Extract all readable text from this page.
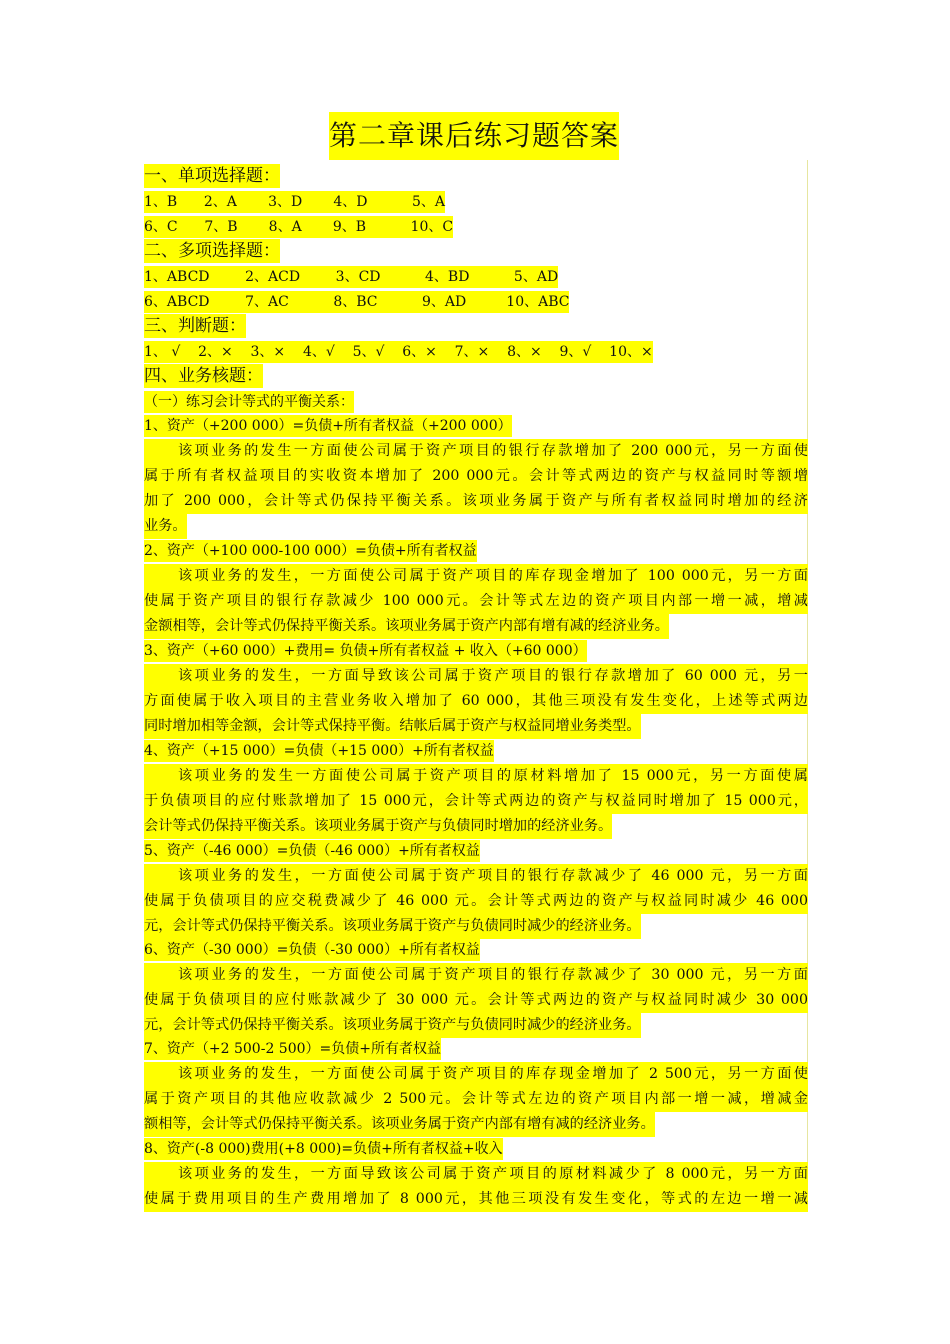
第二章课后练习题答案
一、单项选择题：
1、B      2、A       3、D       4、D          5、A
6、C      7、B       8、A       9、B          10、C
二、多项选择题：
1、ABCD        2、ACD        3、CD          4、BD          5、AD
6、ABCD        7、AC          8、BC          9、AD         10、ABC
三、判断题：
1、 √    2、×    3、×    4、√    5、√    6、×    7、×    8、×    9、√    10、×
四、业务核题：
（一）练习会计等式的平衡关系：
1、资产（+200 000）=负债+所有者权益（+200 000）
该项业务的发生一方面使公司属于资产项目的银行存款增加了 200 000元，另一方面使
属于所有者权益项目的实收资本增加了 200 000元。会计等式两边的资产与权益同时等额增
加了 200 000，会计等式仍保持平衡关系。该项业务属于资产与所有者权益同时增加的经济
业务。
2、资产（+100 000-100 000）=负债+所有者权益
该项业务的发生，一方面使公司属于资产项目的库存现金增加了 100 000元，另一方面
使属于资产项目的银行存款减少 100 000元。会计等式左边的资产项目内部一增一减，增减
金额相等，会计等式仍保持平衡关系。该项业务属于资产内部有增有减的经济业务。
3、资产（+60 000）+费用= 负债+所有者权益 + 收入（+60 000）
该项业务的发生，一方面导致该公司属于资产项目的银行存款增加了 60 000 元，另一
方面使属于收入项目的主营业务收入增加了 60 000，其他三项没有发生变化，上述等式两边
同时增加相等金额，会计等式保持平衡。结帐后属于资产与权益同增业务类型。
4、资产（+15 000）=负债（+15 000）+所有者权益
该项业务的发生一方面使公司属于资产项目的原材料增加了 15 000元，另一方面使属
于负债项目的应付账款增加了 15 000元，会计等式两边的资产与权益同时增加了 15 000元，
会计等式仍保持平衡关系。该项业务属于资产与负债同时增加的经济业务。
5、资产（-46 000）=负债（-46 000）+所有者权益
该项业务的发生，一方面使公司属于资产项目的银行存款减少了 46 000 元，另一方面
使属于负债项目的应交税费减少了 46 000 元。会计等式两边的资产与权益同时减少 46 000
元，会计等式仍保持平衡关系。该项业务属于资产与负债同时减少的经济业务。
6、资产（-30 000）=负债（-30 000）+所有者权益
该项业务的发生，一方面使公司属于资产项目的银行存款减少了 30 000 元，另一方面
使属于负债项目的应付账款减少了 30 000 元。会计等式两边的资产与权益同时减少 30 000
元，会计等式仍保持平衡关系。该项业务属于资产与负债同时减少的经济业务。
7、资产（+2 500-2 500）=负债+所有者权益
该项业务的发生，一方面使公司属于资产项目的库存现金增加了 2 500元，另一方面使
属于资产项目的其他应收款减少 2 500元。会计等式左边的资产项目内部一增一减，增减金
额相等，会计等式仍保持平衡关系。该项业务属于资产内部有增有减的经济业务。
8、资产(-8 000)费用(+8 000)=负债+所有者权益+收入
该项业务的发生，一方面导致该公司属于资产项目的原材料减少了 8 000元，另一方面
使属于费用项目的生产费用增加了 8 000元，其他三项没有发生变化，等式的左边一增一减
